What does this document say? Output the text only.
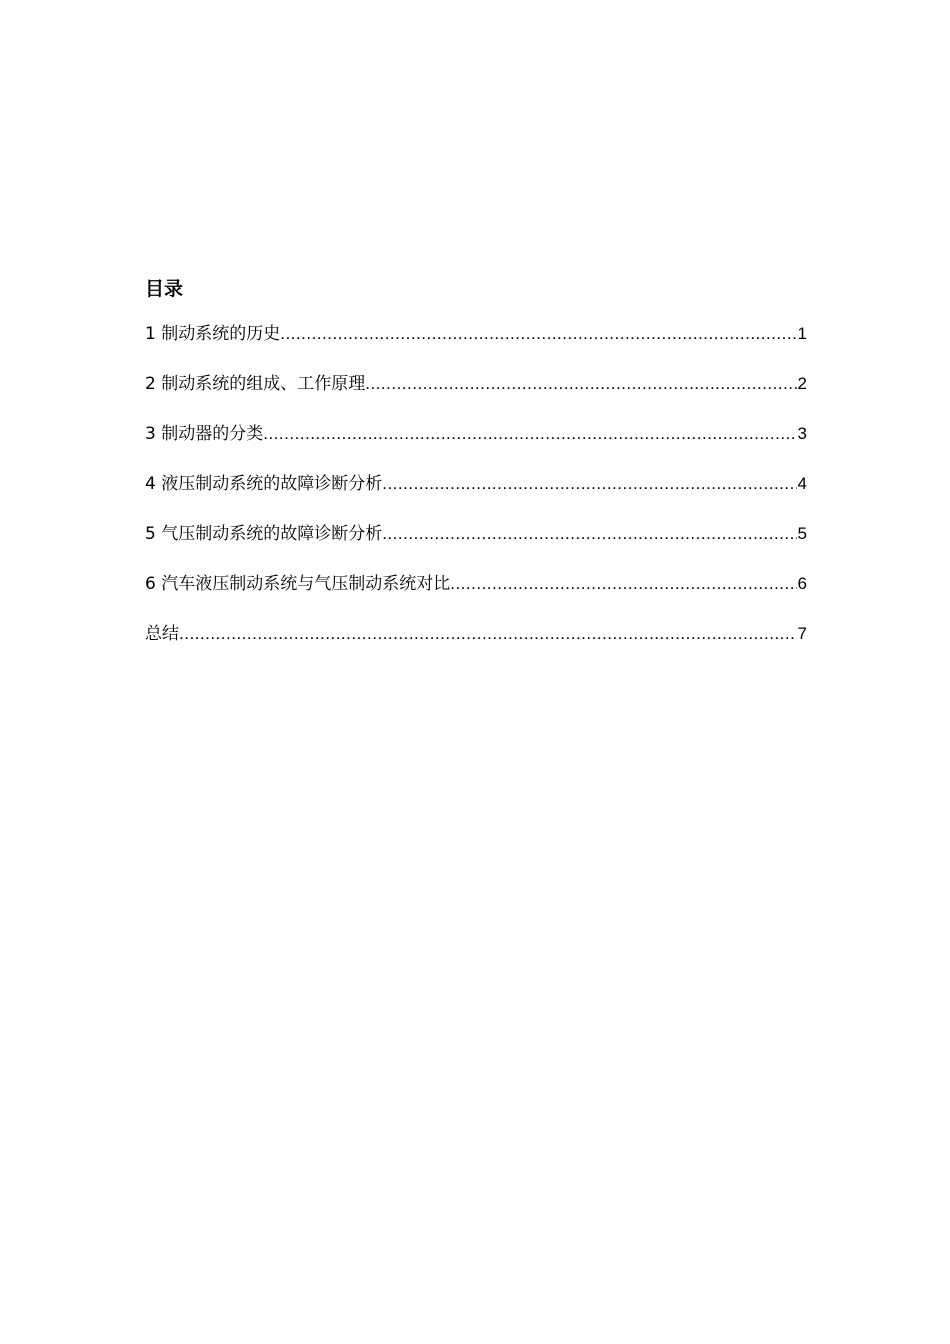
目录
1 制动系统的历史 .....	1
2 制动系统的组成、工作原理 .....	2
3 制动器的分类 .....	3
4 液压制动系统的故障诊断分析 .....	4
5 气压制动系统的故障诊断分析 .....	5
6 汽车液压制动系统与气压制动系统对比 .....	6
总结 .....	7
